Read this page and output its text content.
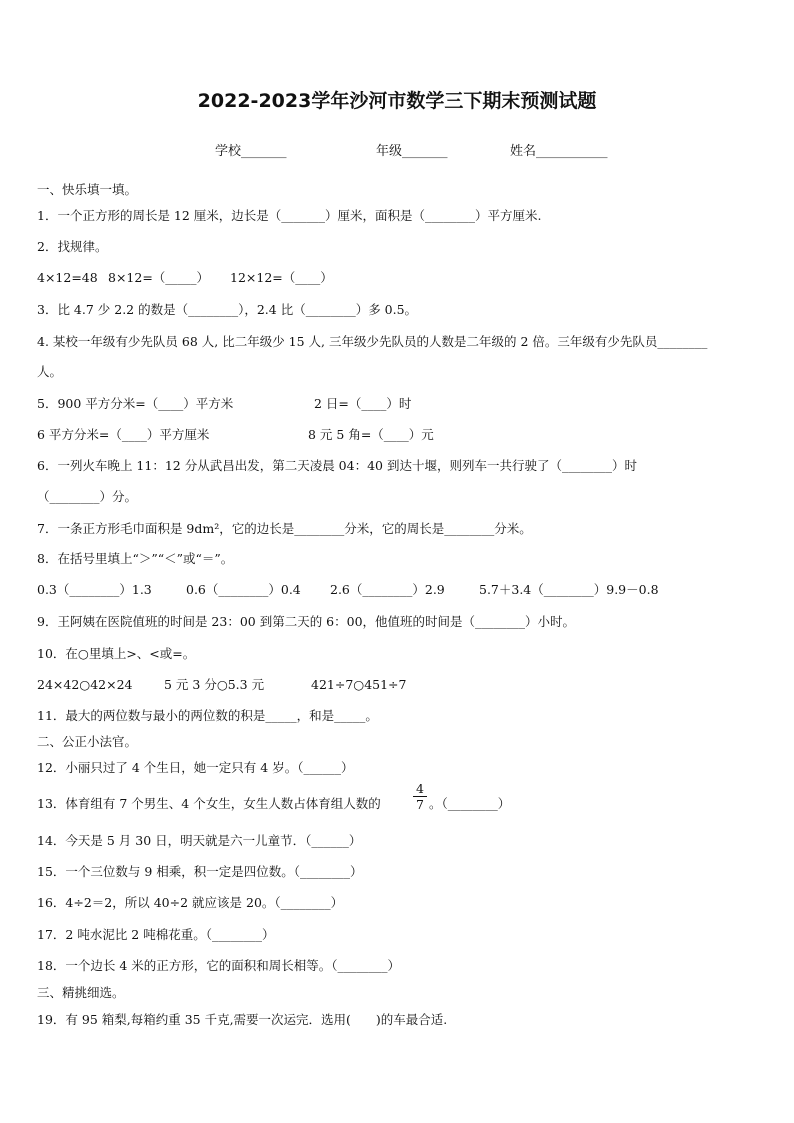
2022-2023学年沙河市数学三下期末预测试题
学校_______	年级_______	姓名___________
一、快乐填一填。
1．一个正方形的周长是 12 厘米，边长是（_______）厘米，面积是（________）平方厘米.
2．找规律。
4×12=48 8×12=（_____） 12×12=（____）
3．比 4.7 少 2.2 的数是（________），2.4 比（________）多 0.5。
4. 某校一年级有少先队员 68 人, 比二年级少 15 人, 三年级少先队员的人数是二年级的 2 倍。三年级有少先队员________
人。
5．900 平方分米=（____）平方米	2 日=（____）时
6 平方分米=（____）平方厘米	8 元 5 角=（____）元
6．一列火车晚上 11：12 分从武昌出发，第二天凌晨 04：40 到达十堰，则列车一共行驶了（________）时
（________）分。
7．一条正方形毛巾面积是 9dm²，它的边长是________分米，它的周长是________分米。
8．在括号里填上“＞”“＜”或“＝”。
0.3（________）1.3	0.6（________）0.4 2.6（________）2.9	5.7＋3.4（________）9.9－0.8
9．王阿姨在医院值班的时间是 23：00 到第二天的 6：00，他值班的时间是（________）小时。
10．在○里填上>、<或=。
24×42○42×24	5 元 3 分○5.3 元	421÷7○451÷7
11．最大的两位数与最小的两位数的积是_____，和是_____。
二、公正小法官。
12．小丽只过了 4 个生日，她一定只有 4 岁。（______）
13．体育组有 7 个男生、4 个女生，女生人数占体育组人数的
4
7 。（________）
14．今天是 5 月 30 日，明天就是六一儿童节．（______）
15．一个三位数与 9 相乘，积一定是四位数。（________）
16．4÷2＝2，所以 40÷2 就应该是 20。（________）
17．2 吨水泥比 2 吨棉花重。（________）
18．一个边长 4 米的正方形，它的面积和周长相等。（________）
三、精挑细选。
19．有 95 箱梨,每箱约重 35 千克,需要一次运完．选用(　　)的车最合适.
